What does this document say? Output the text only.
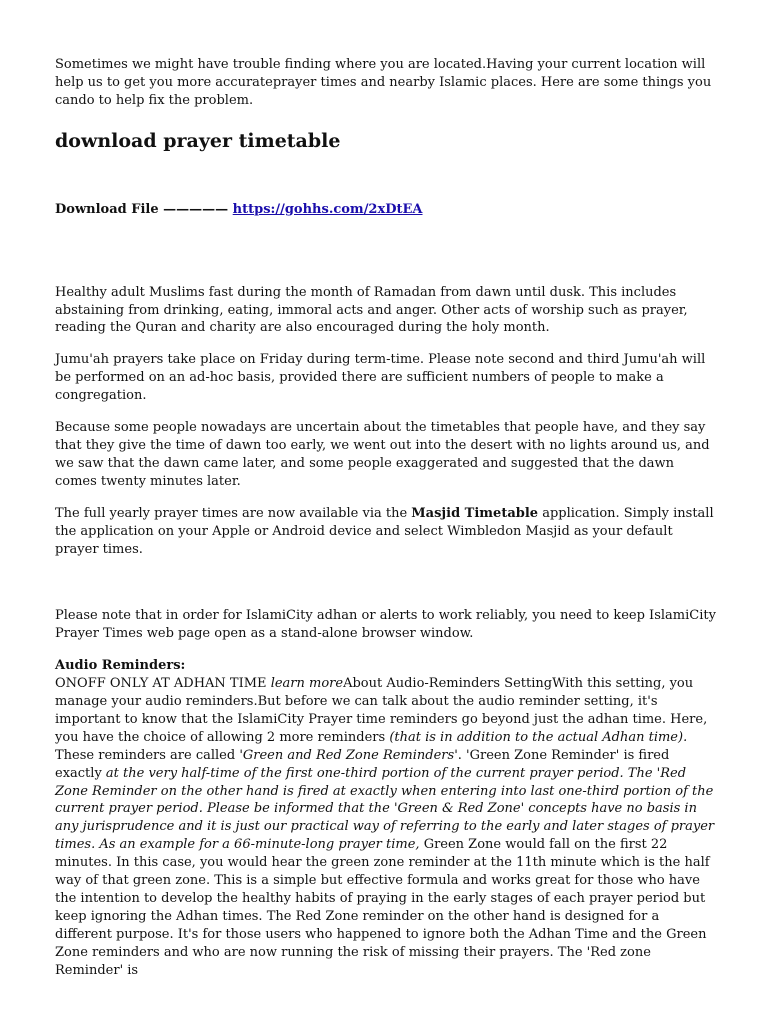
Sometimes we might have trouble finding where you are located.Having your current location will help us to get you more accurateprayer times and nearby Islamic places. Here are some things you cando to help fix the problem.

download prayer timetable

Download File ————— https://gohhs.com/2xDtEA

Healthy adult Muslims fast during the month of Ramadan from dawn until dusk. This includes abstaining from drinking, eating, immoral acts and anger. Other acts of worship such as prayer, reading the Quran and charity are also encouraged during the holy month.

Jumu'ah prayers take place on Friday during term-time. Please note second and third Jumu'ah will be performed on an ad-hoc basis, provided there are sufficient numbers of people to make a congregation.

Because some people nowadays are uncertain about the timetables that people have, and they say that they give the time of dawn too early, we went out into the desert with no lights around us, and we saw that the dawn came later, and some people exaggerated and suggested that the dawn comes twenty minutes later.

The full yearly prayer times are now available via the Masjid Timetable application. Simply install the application on your Apple or Android device and select Wimbledon Masjid as your default prayer times.

Please note that in order for IslamiCity adhan or alerts to work reliably, you need to keep IslamiCity Prayer Times web page open as a stand-alone browser window.

Audio Reminders:

ONOFF ONLY AT ADHAN TIME learn moreAbout Audio-Reminders SettingWith this setting, you manage your audio reminders.But before we can talk about the audio reminder setting, it's important to know that the IslamiCity Prayer time reminders go beyond just the adhan time. Here, you have the choice of allowing 2 more reminders (that is in addition to the actual Adhan time). These reminders are called 'Green and Red Zone Reminders'. 'Green Zone Reminder' is fired exactly at the very half-time of the first one-third portion of the current prayer period. The 'Red Zone Reminder on the other hand is fired at exactly when entering into last one-third portion of the current prayer period. Please be informed that the 'Green & Red Zone' concepts have no basis in any jurisprudence and it is just our practical way of referring to the early and later stages of prayer times. As an example for a 66-minute-long prayer time, Green Zone would fall on the first 22 minutes. In this case, you would hear the green zone reminder at the 11th minute which is the half way of that green zone. This is a simple but effective formula and works great for those who have the intention to develop the healthy habits of praying in the early stages of each prayer period but keep ignoring the Adhan times. The Red Zone reminder on the other hand is designed for a different purpose. It's for those users who happened to ignore both the Adhan Time and the Green Zone reminders and who are now running the risk of missing their prayers. The 'Red zone Reminder' is
